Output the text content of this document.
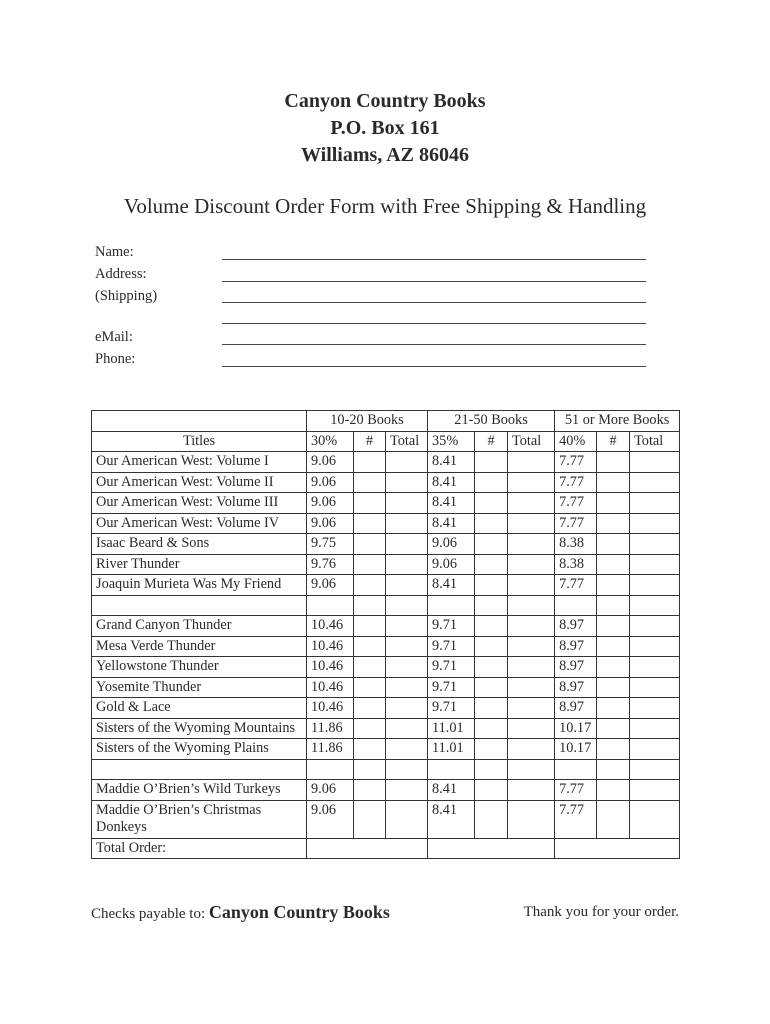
Canyon Country Books
P.O. Box 161
Williams, AZ 86046
Volume Discount Order Form with Free Shipping & Handling
Name:
Address:
(Shipping)
eMail:
Phone:
	10-20 Books			21-50 Books			51 or More Books		
Titles	30%	#	Total	35%	#	Total	40%	#	Total
Our American West: Volume I	9.06			8.41			7.77		
Our American West: Volume II	9.06			8.41			7.77		
Our American West: Volume III	9.06			8.41			7.77		
Our American West: Volume IV	9.06			8.41			7.77		
Isaac Beard & Sons	9.75			9.06			8.38		
River Thunder	9.76			9.06			8.38		
Joaquin Murieta Was My Friend	9.06			8.41			7.77		

Grand Canyon Thunder	10.46			9.71			8.97		
Mesa Verde Thunder	10.46			9.71			8.97		
Yellowstone Thunder	10.46			9.71			8.97		
Yosemite Thunder	10.46			9.71			8.97		
Gold & Lace	10.46			9.71			8.97		
Sisters of the Wyoming Mountains	11.86			11.01			10.17		
Sisters of the Wyoming Plains	11.86			11.01			10.17		

Maddie O’Brien’s Wild Turkeys	9.06			8.41			7.77		
Maddie O’Brien’s Christmas Donkeys	9.06			8.41			7.77		
Total Order:									
Checks payable to: Canyon Country Books	Thank you for your order.
